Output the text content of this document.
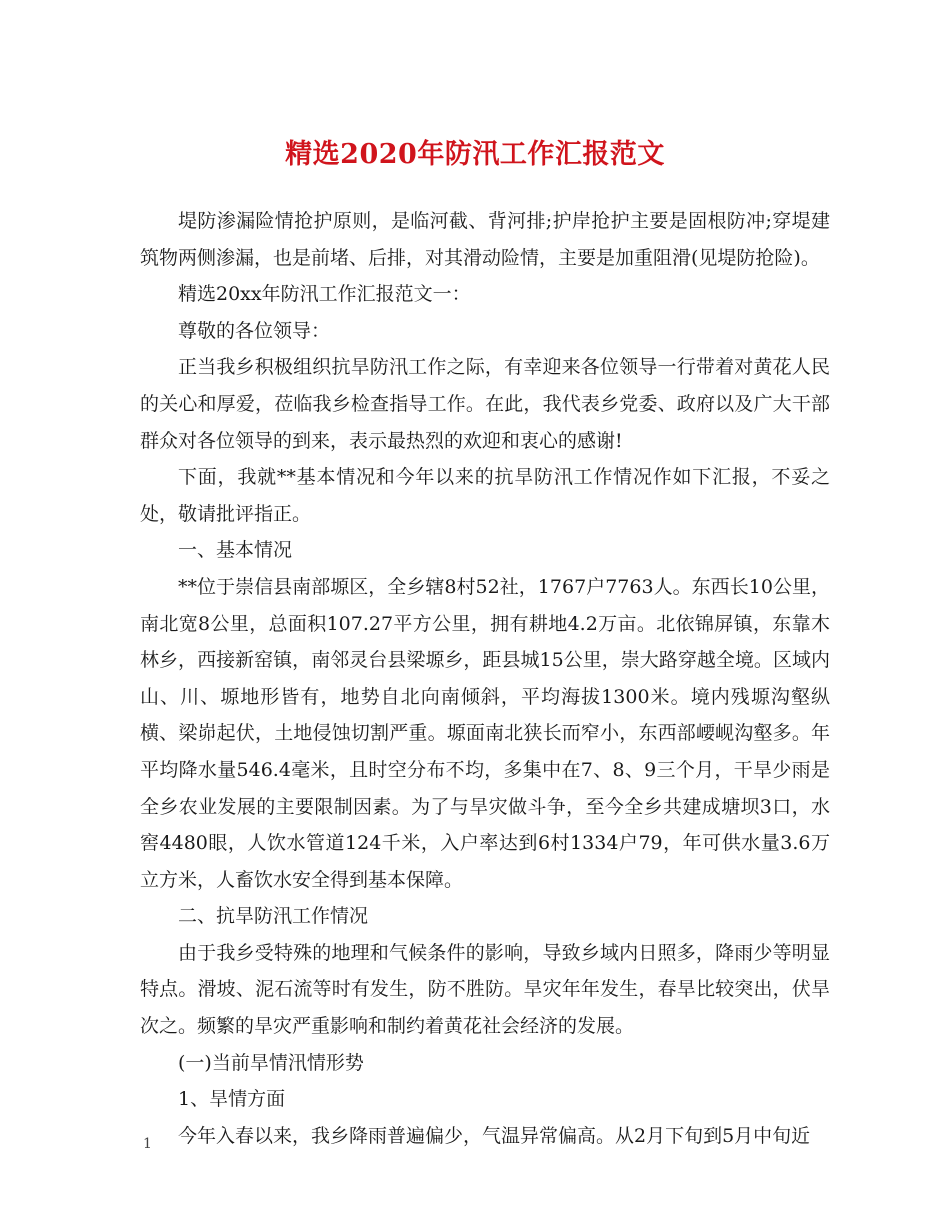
精选2020年防汛工作汇报范文

堤防渗漏险情抢护原则，是临河截、背河排;护岸抢护主要是固根防冲;穿堤建筑物两侧渗漏，也是前堵、后排，对其滑动险情，主要是加重阻滑(见堤防抢险)。

精选20xx年防汛工作汇报范文一：

尊敬的各位领导：

正当我乡积极组织抗旱防汛工作之际，有幸迎来各位领导一行带着对黄花人民的关心和厚爱，莅临我乡检查指导工作。在此，我代表乡党委、政府以及广大干部群众对各位领导的到来，表示最热烈的欢迎和衷心的感谢!

下面，我就**基本情况和今年以来的抗旱防汛工作情况作如下汇报，不妥之处，敬请批评指正。

一、基本情况

**位于崇信县南部塬区，全乡辖8村52社，1767户7763人。东西长10公里，南北宽8公里，总面积107.27平方公里，拥有耕地4.2万亩。北依锦屏镇，东靠木林乡，西接新窑镇，南邻灵台县梁塬乡，距县城15公里，崇大路穿越全境。区域内山、川、塬地形皆有，地势自北向南倾斜，平均海拔1300米。境内残塬沟壑纵横、梁峁起伏，土地侵蚀切割严重。塬面南北狭长而窄小，东西部崾岘沟壑多。年平均降水量546.4毫米，且时空分布不均，多集中在7、8、9三个月，干旱少雨是全乡农业发展的主要限制因素。为了与旱灾做斗争，至今全乡共建成塘坝3口，水窖4480眼，人饮水管道124千米，入户率达到6村1334户79，年可供水量3.6万立方米，人畜饮水安全得到基本保障。

二、抗旱防汛工作情况

由于我乡受特殊的地理和气候条件的影响，导致乡域内日照多，降雨少等明显特点。滑坡、泥石流等时有发生，防不胜防。旱灾年年发生，春旱比较突出，伏旱次之。频繁的旱灾严重影响和制约着黄花社会经济的发展。

(一)当前旱情汛情形势

1、旱情方面

今年入春以来，我乡降雨普遍偏少，气温异常偏高。从2月下旬到5月中旬近

1
